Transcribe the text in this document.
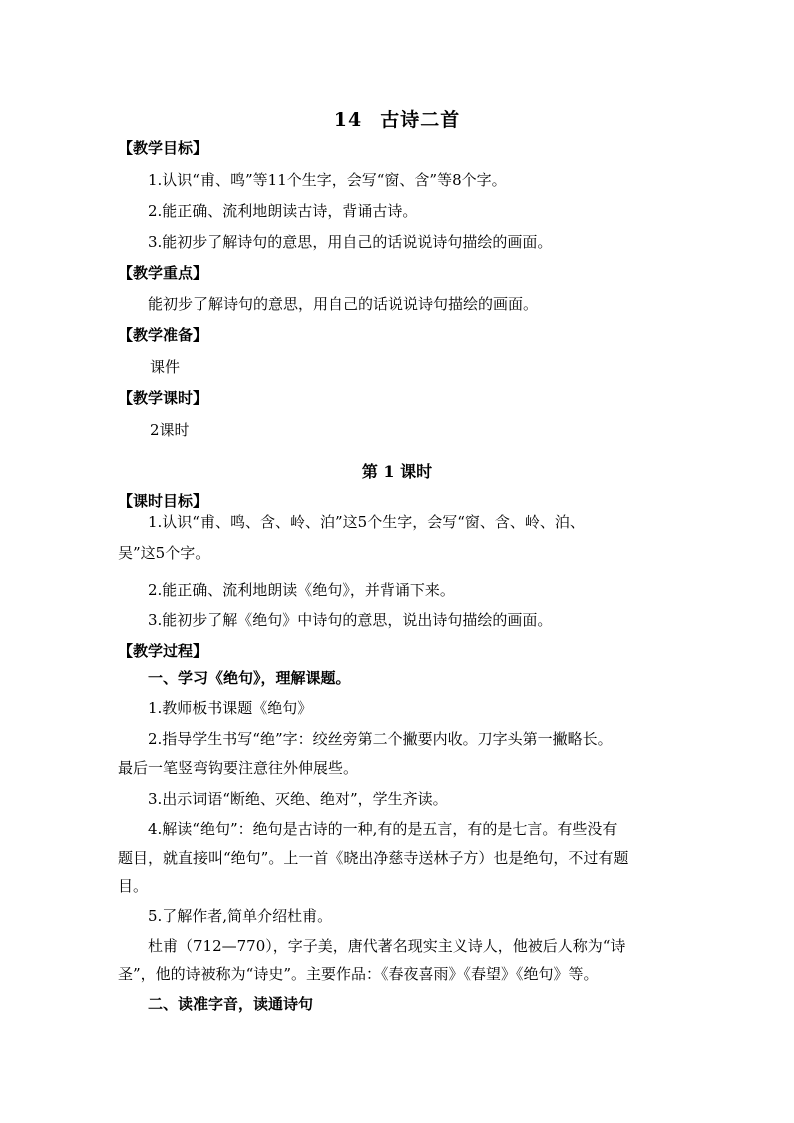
14 古诗二首
【教学目标】
1.认识“甫、鸣”等11个生字，会写“窗、含”等8个字。
2.能正确、流利地朗读古诗，背诵古诗。
3.能初步了解诗句的意思，用自己的话说说诗句描绘的画面。
【教学重点】
能初步了解诗句的意思，用自己的话说说诗句描绘的画面。
【教学准备】
课件
【教学课时】
2课时
第 1 课时
【课时目标】
1.认识“甫、鸣、含、岭、泊”这5个生字，会写“窗、含、岭、泊、
吴”这5个字。
2.能正确、流利地朗读《绝句》，并背诵下来。
3.能初步了解《绝句》中诗句的意思，说出诗句描绘的画面。
【教学过程】
一、学习《绝句》，理解课题。
1.教师板书课题《绝句》
2.指导学生书写“绝”字：绞丝旁第二个撇要内收。刀字头第一撇略长。
最后一笔竖弯钩要注意往外伸展些。
3.出示词语“断绝、灭绝、绝对”，学生齐读。
4.解读“绝句”：绝句是古诗的一种,有的是五言，有的是七言。有些没有
题目，就直接叫“绝句”。上一首《晓出净慈寺送林子方）也是绝句，不过有题
目。
5.了解作者,简单介绍杜甫。
杜甫（712—770），字子美，唐代著名现实主义诗人，他被后人称为“诗
圣”，他的诗被称为“诗史”。主要作品：《春夜喜雨》《春望》《绝句》等。
二、读准字音，读通诗句
